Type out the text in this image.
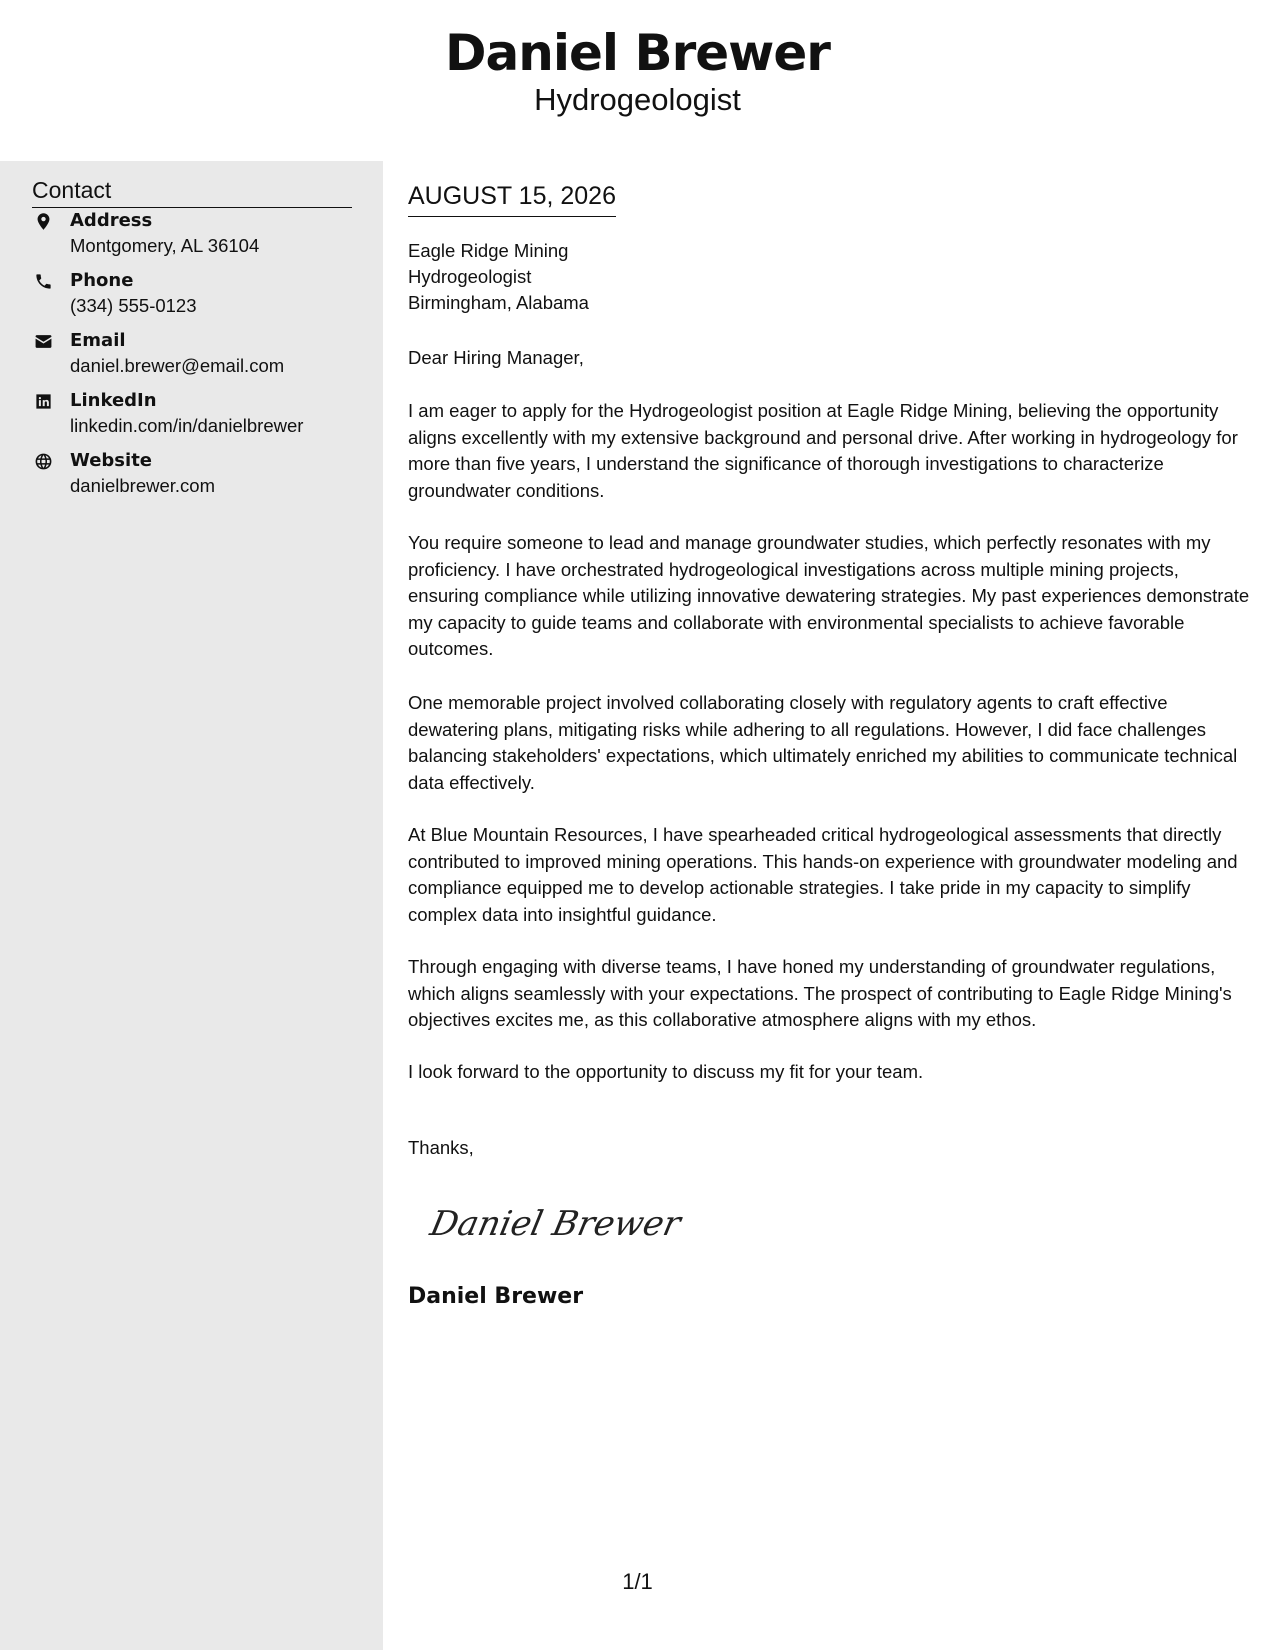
Daniel Brewer
Hydrogeologist
Contact
Address
Montgomery, AL 36104
Phone
(334) 555-0123
Email
daniel.brewer@email.com
LinkedIn
linkedin.com/in/danielbrewer
Website
danielbrewer.com
AUGUST 15, 2026
Eagle Ridge Mining
Hydrogeologist
Birmingham, Alabama
Dear Hiring Manager,

I am eager to apply for the Hydrogeologist position at Eagle Ridge Mining, believing the opportunity aligns excellently with my extensive background and personal drive. After working in hydrogeology for more than five years, I understand the significance of thorough investigations to characterize groundwater conditions.

You require someone to lead and manage groundwater studies, which perfectly resonates with my proficiency. I have orchestrated hydrogeological investigations across multiple mining projects, ensuring compliance while utilizing innovative dewatering strategies. My past experiences demonstrate my capacity to guide teams and collaborate with environmental specialists to achieve favorable outcomes.

One memorable project involved collaborating closely with regulatory agents to craft effective dewatering plans, mitigating risks while adhering to all regulations. However, I did face challenges balancing stakeholders' expectations, which ultimately enriched my abilities to communicate technical data effectively.

At Blue Mountain Resources, I have spearheaded critical hydrogeological assessments that directly contributed to improved mining operations. This hands-on experience with groundwater modeling and compliance equipped me to develop actionable strategies. I take pride in my capacity to simplify complex data into insightful guidance.

Through engaging with diverse teams, I have honed my understanding of groundwater regulations, which aligns seamlessly with your expectations. The prospect of contributing to Eagle Ridge Mining's objectives excites me, as this collaborative atmosphere aligns with my ethos.

I look forward to the opportunity to discuss my fit for your team.

Thanks,
Daniel Brewer
Daniel Brewer
1/1
